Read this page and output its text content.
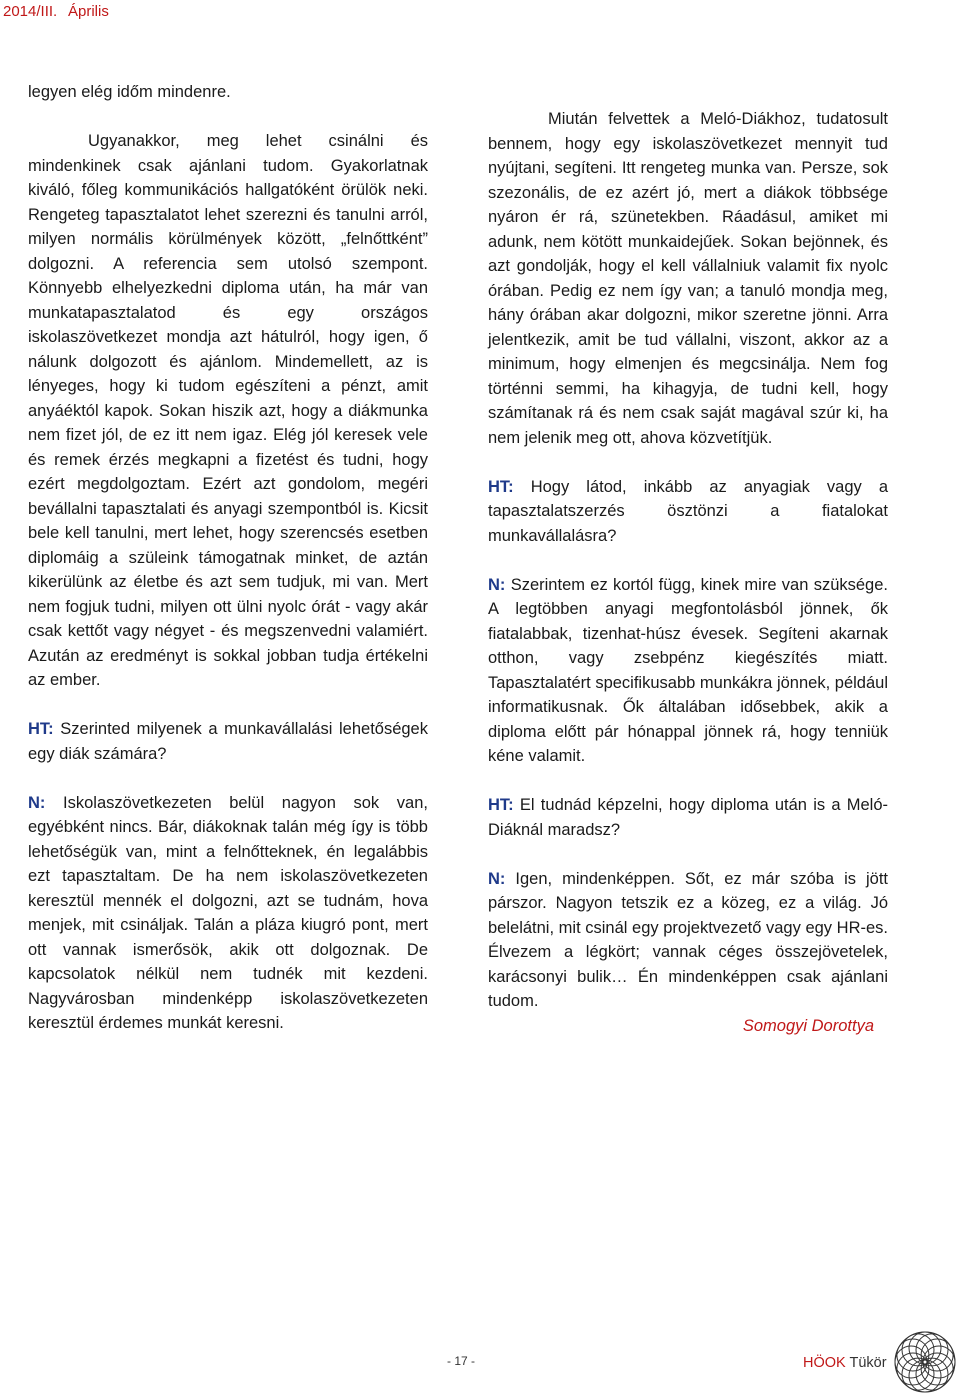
2014/III. Április

legyen elég időm mindenre.

Ugyanakkor, meg lehet csinálni és mindenkinek csak ajánlani tudom. Gyakorlatnak kiváló, főleg kommunikációs hallgatóként örülök neki. Rengeteg tapasztalatot lehet szerezni és tanulni arról, milyen normális körülmények között, „felnőttként” dolgozni. A referencia sem utolsó szempont. Könnyebb elhelyezkedni diploma után, ha már van munkatapasztalatod és egy országos iskolaszövetkezet mondja azt hátulról, hogy igen, ő nálunk dolgozott és ajánlom. Mindemellett, az is lényeges, hogy ki tudom egészíteni a pénzt, amit anyáéktól kapok. Sokan hiszik azt, hogy a diákmunka nem fizet jól, de ez itt nem igaz. Elég jól keresek vele és remek érzés megkapni a fizetést és tudni, hogy ezért megdolgoztam. Ezért azt gondolom, megéri bevállalni tapasztalati és anyagi szempontból is. Kicsit bele kell tanulni, mert lehet, hogy szerencsés esetben diplomáig a szüleink támogatnak minket, de aztán kikerülünk az életbe és azt sem tudjuk, mi van. Mert nem fogjuk tudni, milyen ott ülni nyolc órát - vagy akár csak kettőt vagy négyet - és megszenvedni valamiért. Azután az eredményt is sokkal jobban tudja értékelni az ember.

HT: Szerinted milyenek a munkavállalási lehetőségek egy diák számára?

N: Iskolaszövetkezeten belül nagyon sok van, egyébként nincs. Bár, diákoknak talán még így is több lehetőségük van, mint a felnőtteknek, én legalábbis ezt tapasztaltam. De ha nem iskolaszövetkezeten keresztül mennék el dolgozni, azt se tudnám, hova menjek, mit csináljak. Talán a pláza kiugró pont, mert ott vannak ismerősök, akik ott dolgoznak. De kapcsolatok nélkül nem tudnék mit kezdeni. Nagyvárosban mindenképp iskolaszövetkezeten keresztül érdemes munkát keresni.

Miután felvettek a Meló-Diákhoz, tudatosult bennem, hogy egy iskolaszövetkezet mennyit tud nyújtani, segíteni. Itt rengeteg munka van. Persze, sok szezonális, de ez azért jó, mert a diákok többsége nyáron ér rá, szünetekben. Ráadásul, amiket mi adunk, nem kötött munkaidejűek. Sokan bejönnek, és azt gondolják, hogy el kell vállalniuk valamit fix nyolc órában. Pedig ez nem így van; a tanuló mondja meg, hány órában akar dolgozni, mikor szeretne jönni. Arra jelentkezik, amit be tud vállalni, viszont, akkor az a minimum, hogy elmenjen és megcsinálja. Nem fog történni semmi, ha kihagyja, de tudni kell, hogy számítanak rá és nem csak saját magával szúr ki, ha nem jelenik meg ott, ahova közvetítjük.

HT: Hogy látod, inkább az anyagiak vagy a tapasztalatszerzés ösztönzi a fiatalokat munkavállalásra?

N: Szerintem ez kortól függ, kinek mire van szüksége. A legtöbben anyagi megfontolásból jönnek, ők fiatalabbak, tizenhat-húsz évesek. Segíteni akarnak otthon, vagy zsebpénz kiegészítés miatt. Tapasztalatért specifikusabb munkákra jönnek, például informatikusnak. Ők általában idősebbek, akik a diploma előtt pár hónappal jönnek rá, hogy tenniük kéne valamit.

HT: El tudnád képzelni, hogy diploma után is a Meló-Diáknál maradsz?

N: Igen, mindenképpen. Sőt, ez már szóba is jött párszor. Nagyon tetszik ez a közeg, ez a világ. Jó belelátni, mit csinál egy projektvezető vagy egy HR-es. Élvezem a légkört; vannak céges összejövetelek, karácsonyi bulik… Én mindenképpen csak ajánlani tudom.

Somogyi Dorottya

- 17 -	HÖOK Tükör
